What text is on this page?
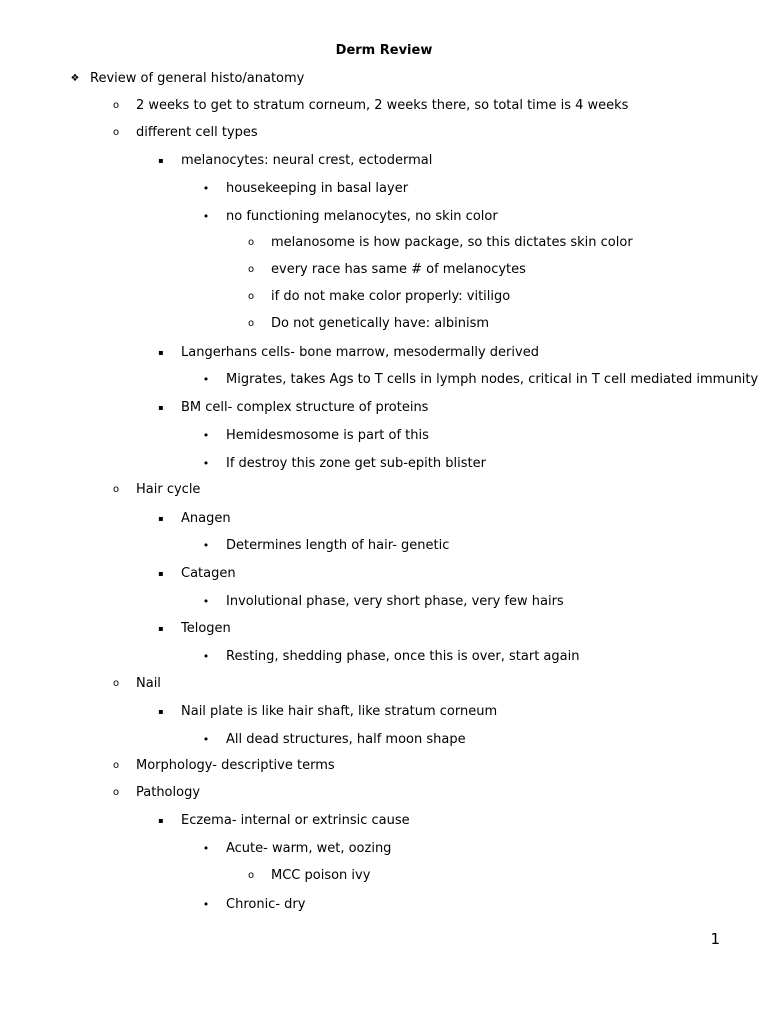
Derm Review
❖ Review of general histo/anatomy
o	2 weeks to get to stratum corneum, 2 weeks there, so total time is 4 weeks
o	different cell types
▪	melanocytes: neural crest, ectodermal
• housekeeping in basal layer
• no functioning melanocytes, no skin color
o	melanosome is how package, so this dictates skin color
o	every race has same # of melanocytes
o	if do not make color properly: vitiligo
o	Do not genetically have: albinism
▪	Langerhans cells- bone marrow, mesodermally derived
• Migrates, takes Ags to T cells in lymph nodes, critical in T cell mediated immunity
▪	BM cell- complex structure of proteins
• Hemidesmosome is part of this
• If destroy this zone get sub-epith blister
o	Hair cycle
▪	Anagen
• Determines length of hair- genetic
▪	Catagen
• Involutional phase, very short phase, very few hairs
▪	Telogen
• Resting, shedding phase, once this is over, start again
o	Nail
▪	Nail plate is like hair shaft, like stratum corneum
• All dead structures, half moon shape
o	Morphology- descriptive terms
o	Pathology
▪	Eczema- internal or extrinsic cause
• Acute- warm, wet, oozing
o	MCC poison ivy
• Chronic- dry
1
